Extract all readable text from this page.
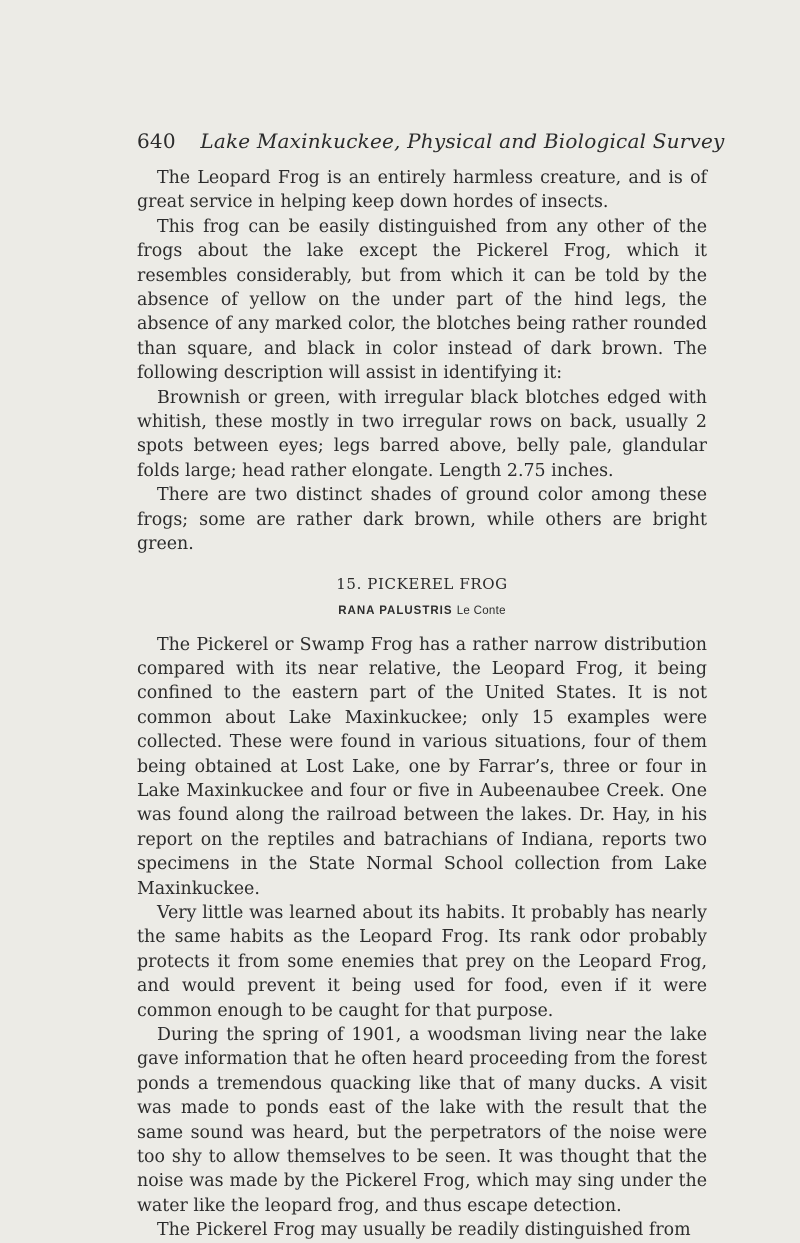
640 Lake Maxinkuckee, Physical and Biological Survey

The Leopard Frog is an entirely harmless creature, and is of great service in helping keep down hordes of insects.

This frog can be easily distinguished from any other of the frogs about the lake except the Pickerel Frog, which it resembles considerably, but from which it can be told by the absence of yellow on the under part of the hind legs, the absence of any marked color, the blotches being rather rounded than square, and black in color instead of dark brown. The following description will assist in identifying it:

Brownish or green, with irregular black blotches edged with whitish, these mostly in two irregular rows on back, usually 2 spots between eyes; legs barred above, belly pale, glandular folds large; head rather elongate. Length 2.75 inches.

There are two distinct shades of ground color among these frogs; some are rather dark brown, while others are bright green.

15. PICKEREL FROG
RANA PALUSTRIS Le Conte

The Pickerel or Swamp Frog has a rather narrow distribution compared with its near relative, the Leopard Frog, it being confined to the eastern part of the United States. It is not common about Lake Maxinkuckee; only 15 examples were collected. These were found in various situations, four of them being obtained at Lost Lake, one by Farrar’s, three or four in Lake Maxinkuckee and four or five in Aubeenaubee Creek. One was found along the railroad between the lakes. Dr. Hay, in his report on the reptiles and batrachians of Indiana, reports two specimens in the State Normal School collection from Lake Maxinkuckee.

Very little was learned about its habits. It probably has nearly the same habits as the Leopard Frog. Its rank odor probably protects it from some enemies that prey on the Leopard Frog, and would prevent it being used for food, even if it were common enough to be caught for that purpose.

During the spring of 1901, a woodsman living near the lake gave information that he often heard proceeding from the forest ponds a tremendous quacking like that of many ducks. A visit was made to ponds east of the lake with the result that the same sound was heard, but the perpetrators of the noise were too shy to allow themselves to be seen. It was thought that the noise was made by the Pickerel Frog, which may sing under the water like the leopard frog, and thus escape detection.

The Pickerel Frog may usually be readily distinguished from
